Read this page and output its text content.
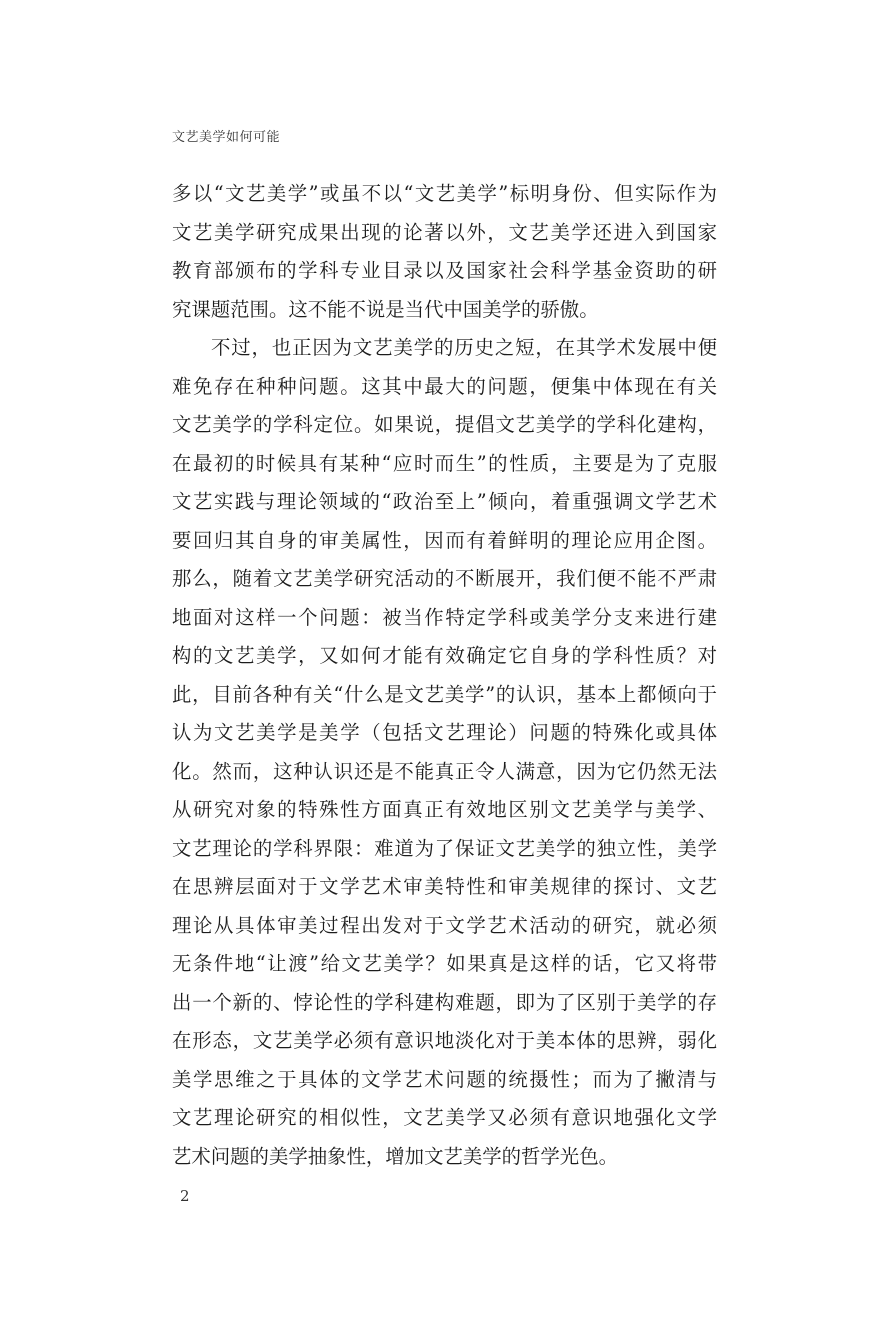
文艺美学如何可能
多以“文艺美学”或虽不以“文艺美学”标明身份、但实际作为
文艺美学研究成果出现的论著以外，文艺美学还进入到国家
教育部颁布的学科专业目录以及国家社会科学基金资助的研
究课题范围。这不能不说是当代中国美学的骄傲。
不过，也正因为文艺美学的历史之短，在其学术发展中便
难免存在种种问题。这其中最大的问题，便集中体现在有关
文艺美学的学科定位。如果说，提倡文艺美学的学科化建构，
在最初的时候具有某种“应时而生”的性质，主要是为了克服
文艺实践与理论领域的“政治至上”倾向，着重强调文学艺术
要回归其自身的审美属性，因而有着鲜明的理论应用企图。
那么，随着文艺美学研究活动的不断展开，我们便不能不严肃
地面对这样一个问题：被当作特定学科或美学分支来进行建
构的文艺美学，又如何才能有效确定它自身的学科性质？对
此，目前各种有关“什么是文艺美学”的认识，基本上都倾向于
认为文艺美学是美学（包括文艺理论）问题的特殊化或具体
化。然而，这种认识还是不能真正令人满意，因为它仍然无法
从研究对象的特殊性方面真正有效地区别文艺美学与美学、
文艺理论的学科界限：难道为了保证文艺美学的独立性，美学
在思辨层面对于文学艺术审美特性和审美规律的探讨、文艺
理论从具体审美过程出发对于文学艺术活动的研究，就必须
无条件地“让渡”给文艺美学？如果真是这样的话，它又将带
出一个新的、悖论性的学科建构难题，即为了区别于美学的存
在形态，文艺美学必须有意识地淡化对于美本体的思辨，弱化
美学思维之于具体的文学艺术问题的统摄性；而为了撇清与
文艺理论研究的相似性，文艺美学又必须有意识地强化文学
艺术问题的美学抽象性，增加文艺美学的哲学光色。
2
